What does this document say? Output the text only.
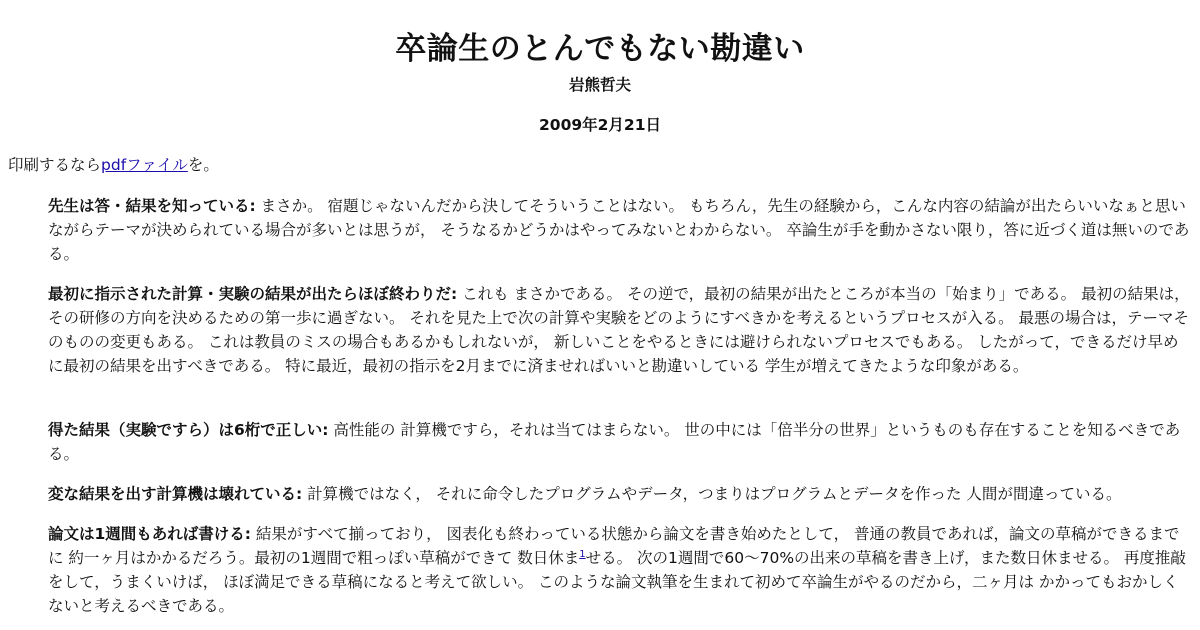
卒論生のとんでもない勘違い
岩熊哲夫
2009年2月21日
印刷するならpdfファイルを。
先生は答・結果を知っている: まさか。 宿題じゃないんだから決してそういうことはない。 もちろん，先生の経験から，こんな内容の結論が出たらいいなぁと思いながらテーマが決められている場合が多いとは思うが， そうなるかどうかはやってみないとわからない。 卒論生が手を動かさない限り，答に近づく道は無いのである。
最初に指示された計算・実験の結果が出たらほぼ終わりだ: これも まさかである。 その逆で，最初の結果が出たところが本当の「始まり」である。 最初の結果は，その研修の方向を決めるための第一歩に過ぎない。 それを見た上で次の計算や実験をどのようにすべきかを考えるというプロセスが入る。 最悪の場合は，テーマそのものの変更もある。 これは教員のミスの場合もあるかもしれないが， 新しいことをやるときには避けられないプロセスでもある。 したがって，できるだけ早めに最初の結果を出すべきである。 特に最近，最初の指示を2月までに済ませればいいと勘違いしている 学生が増えてきたような印象がある。
得た結果（実験ですら）は6桁で正しい: 高性能の 計算機ですら，それは当てはまらない。 世の中には「倍半分の世界」というものも存在することを知るべきである。
変な結果を出す計算機は壊れている: 計算機ではなく， それに命令したプログラムやデータ，つまりはプログラムとデータを作った 人間が間違っている。
論文は1週間もあれば書ける: 結果がすべて揃っており， 図表化も終わっている状態から論文を書き始めたとして， 普通の教員であれば，論文の草稿ができるまでに 約一ヶ月はかかるだろう。最初の1週間で粗っぽい草稿ができて 数日休ま$^1$せる。 次の1週間で60～70%の出来の草稿を書き上げ，また数日休ませる。 再度推敲をして，うまくいけば， ほぼ満足できる草稿になると考えて欲しい。 このような論文執筆を生まれて初めて卒論生がやるのだから，二ヶ月は かかってもおかしくないと考えるべきである。
